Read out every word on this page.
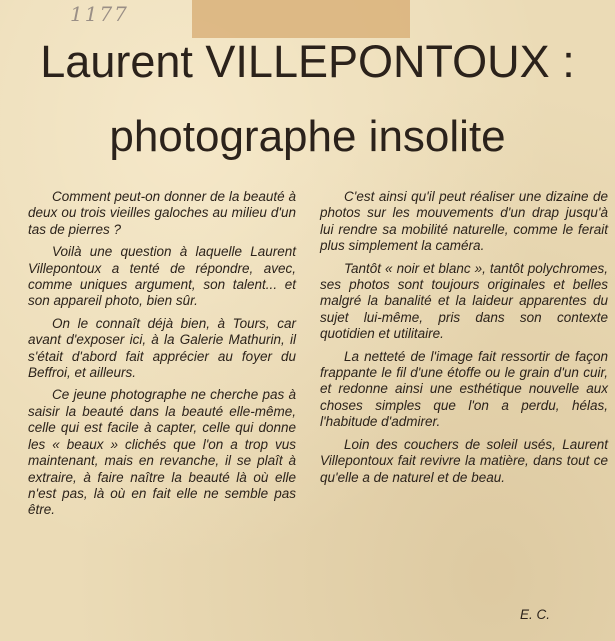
1177
Laurent VILLEPONTOUX :
photographe insolite

Comment peut-on donner de la beauté à deux ou trois vieilles galoches au milieu d'un tas de pierres ?

Voilà une question à laquelle Laurent Villepontoux a tenté de répondre, avec, comme uniques argument, son talent... et son appareil photo, bien sûr.

On le connaît déjà bien, à Tours, car avant d'exposer ici, à la Galerie Mathurin, il s'était d'abord fait apprécier au foyer du Beffroi, et ailleurs.

Ce jeune photographe ne cherche pas à saisir la beauté dans la beauté elle-même, celle qui est facile à capter, celle qui donne les « beaux » clichés que l'on a trop vus maintenant, mais en revanche, il se plaît à extraire, à faire naître la beauté là où elle n'est pas, là où en fait elle ne semble pas être.

C'est ainsi qu'il peut réaliser une dizaine de photos sur les mouvements d'un drap jusqu'à lui rendre sa mobilité naturelle, comme le ferait plus simplement la caméra.

Tantôt « noir et blanc », tantôt polychromes, ses photos sont toujours originales et belles malgré la banalité et la laideur apparentes du sujet lui-même, pris dans son contexte quotidien et utilitaire.

La netteté de l'image fait ressortir de façon frappante le fil d'une étoffe ou le grain d'un cuir, et redonne ainsi une esthétique nouvelle aux choses simples que l'on a perdu, hélas, l'habitude d'admirer.

Loin des couchers de soleil usés, Laurent Villepontoux fait revivre la matière, dans tout ce qu'elle a de naturel et de beau.

E. C.
